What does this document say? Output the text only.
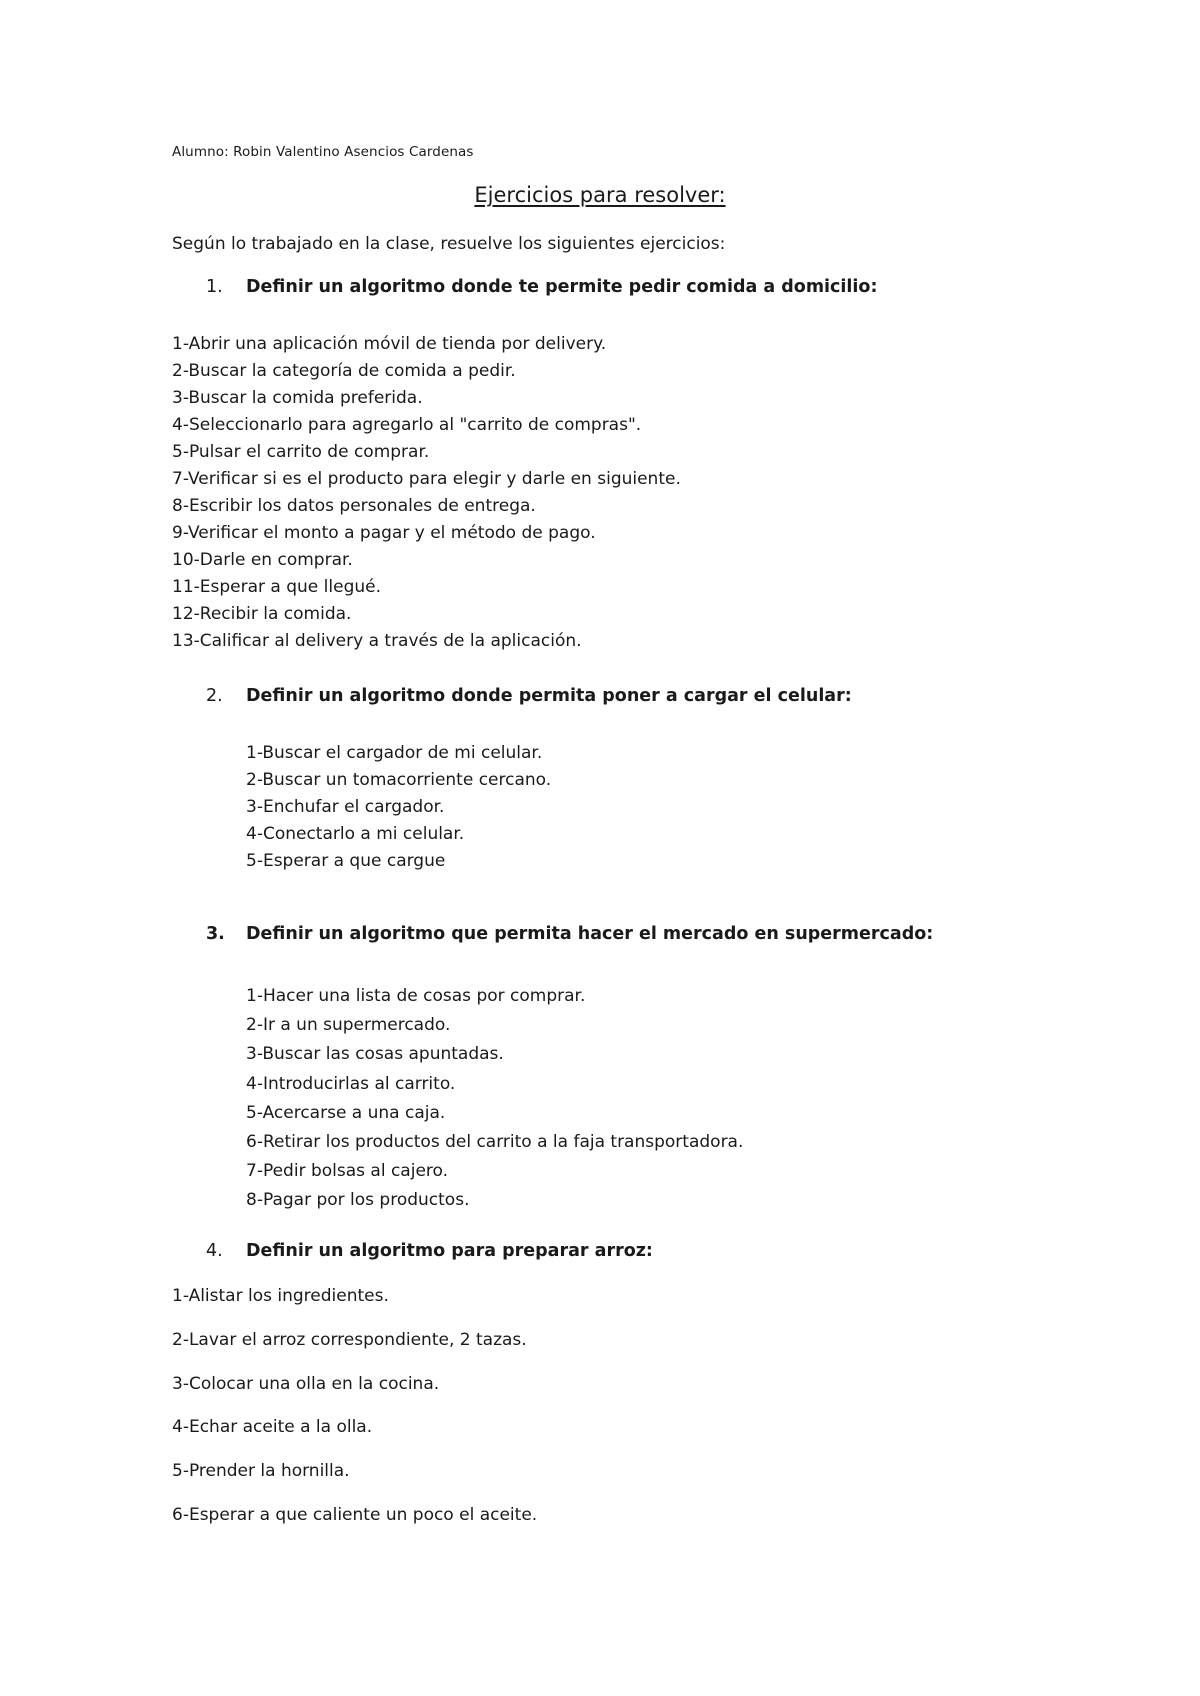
Alumno: Robin Valentino Asencios Cardenas
Ejercicios para resolver:
Según lo trabajado en la clase, resuelve los siguientes ejercicios:
1. Definir un algoritmo donde te permite pedir comida a domicilio:
1-Abrir una aplicación móvil de tienda por delivery.
2-Buscar la categoría de comida a pedir.
3-Buscar la comida preferida.
4-Seleccionarlo para agregarlo al "carrito de compras".
5-Pulsar el carrito de comprar.
7-Verificar si es el producto para elegir y darle en siguiente.
8-Escribir los datos personales de entrega.
9-Verificar el monto a pagar y el método de pago.
10-Darle en comprar.
11-Esperar a que llegué.
12-Recibir la comida.
13-Calificar al delivery a través de la aplicación.
2. Definir un algoritmo donde permita poner a cargar el celular:
1-Buscar el cargador de mi celular.
2-Buscar un tomacorriente cercano.
3-Enchufar el cargador.
4-Conectarlo a mi celular.
5-Esperar a que cargue
3. Definir un algoritmo que permita hacer el mercado en supermercado:
1-Hacer una lista de cosas por comprar.
2-Ir a un supermercado.
3-Buscar las cosas apuntadas.
4-Introducirlas al carrito.
5-Acercarse a una caja.
6-Retirar los productos del carrito a la faja transportadora.
7-Pedir bolsas al cajero.
8-Pagar por los productos.
4. Definir un algoritmo para preparar arroz:
1-Alistar los ingredientes.
2-Lavar el arroz correspondiente, 2 tazas.
3-Colocar una olla en la cocina.
4-Echar aceite a la olla.
5-Prender la hornilla.
6-Esperar a que caliente un poco el aceite.
